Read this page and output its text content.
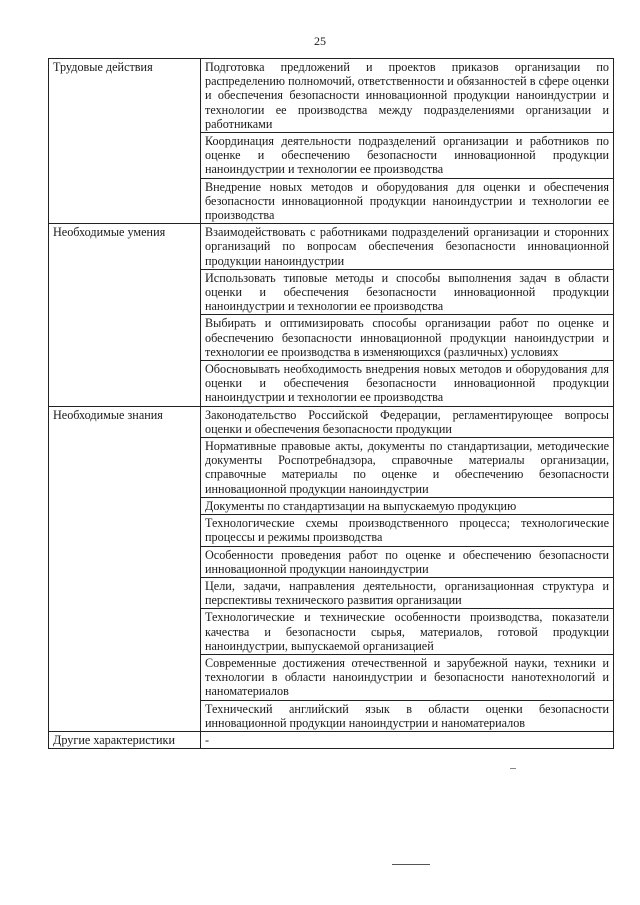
25
Трудовые действия	Подготовка предложений и проектов приказов организации по распределению полномочий, ответственности и обязанностей в сфере оценки и обеспечения безопасности инновационной продукции наноиндустрии и технологии ее производства между подразделениями организации и работниками
	Координация деятельности подразделений организации и работников по оценке и обеспечению безопасности инновационной продукции наноиндустрии и технологии ее производства
	Внедрение новых методов и оборудования для оценки и обеспечения безопасности инновационной продукции наноиндустрии и технологии ее производства
Необходимые умения	Взаимодействовать с работниками подразделений организации и сторонних организаций по вопросам обеспечения безопасности инновационной продукции наноиндустрии
	Использовать типовые методы и способы выполнения задач в области оценки и обеспечения безопасности инновационной продукции наноиндустрии и технологии ее производства
	Выбирать и оптимизировать способы организации работ по оценке и обеспечению безопасности инновационной продукции наноиндустрии и технологии ее производства в изменяющихся (различных) условиях
	Обосновывать необходимость внедрения новых методов и оборудования для оценки и обеспечения безопасности инновационной продукции наноиндустрии и технологии ее производства
Необходимые знания	Законодательство Российской Федерации, регламентирующее вопросы оценки и обеспечения безопасности продукции
	Нормативные правовые акты, документы по стандартизации, методические документы Роспотребнадзора, справочные материалы организации, справочные материалы по оценке и обеспечению безопасности инновационной продукции наноиндустрии
	Документы по стандартизации на выпускаемую продукцию
	Технологические схемы производственного процесса; технологические процессы и режимы производства
	Особенности проведения работ по оценке и обеспечению безопасности инновационной продукции наноиндустрии
	Цели, задачи, направления деятельности, организационная структура и перспективы технического развития организации
	Технологические и технические особенности производства, показатели качества и безопасности сырья, материалов, готовой продукции наноиндустрии, выпускаемой организацией
	Современные достижения отечественной и зарубежной науки, техники и технологии в области наноиндустрии и безопасности нанотехнологий и наноматериалов
	Технический английский язык в области оценки безопасности инновационной продукции наноиндустрии и наноматериалов
Другие характеристики	-
